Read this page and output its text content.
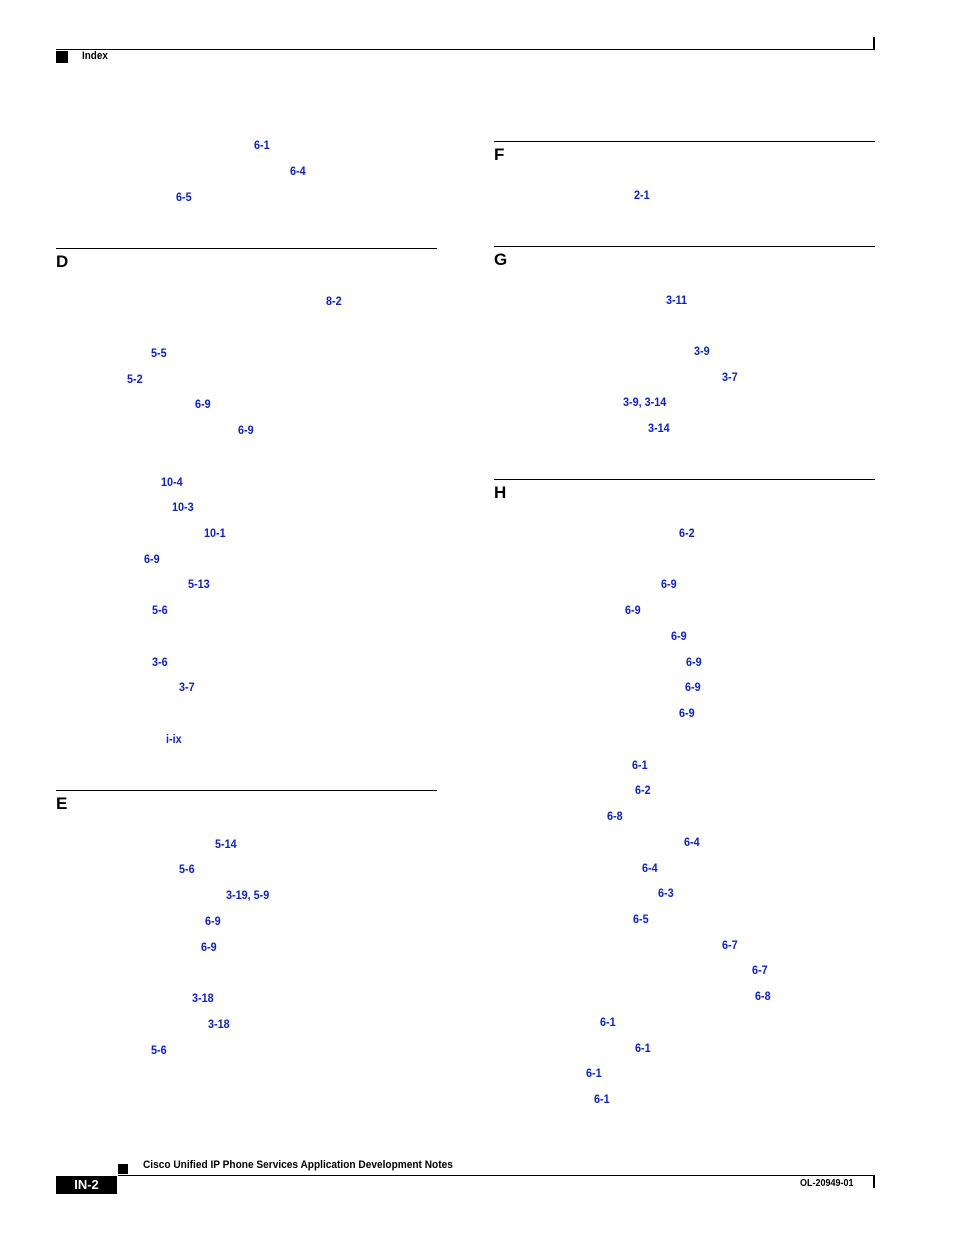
Index
6-1
6-4
6-5
D
8-2
5-5
5-2
6-9
6-9
10-4
10-3
10-1
6-9
5-13
5-6
3-6
3-7
i-ix
E
5-14
5-6
3-19, 5-9
6-9
6-9
3-18
3-18
5-6
F
2-1
G
3-11
3-9
3-7
3-9, 3-14
3-14
H
6-2
6-9
6-9
6-9
6-9
6-9
6-9
6-1
6-2
6-8
6-4
6-4
6-3
6-5
6-7
6-7
6-8
6-1
6-1
6-1
6-1
Cisco Unified IP Phone Services Application Development Notes
IN-2	OL-20949-01
